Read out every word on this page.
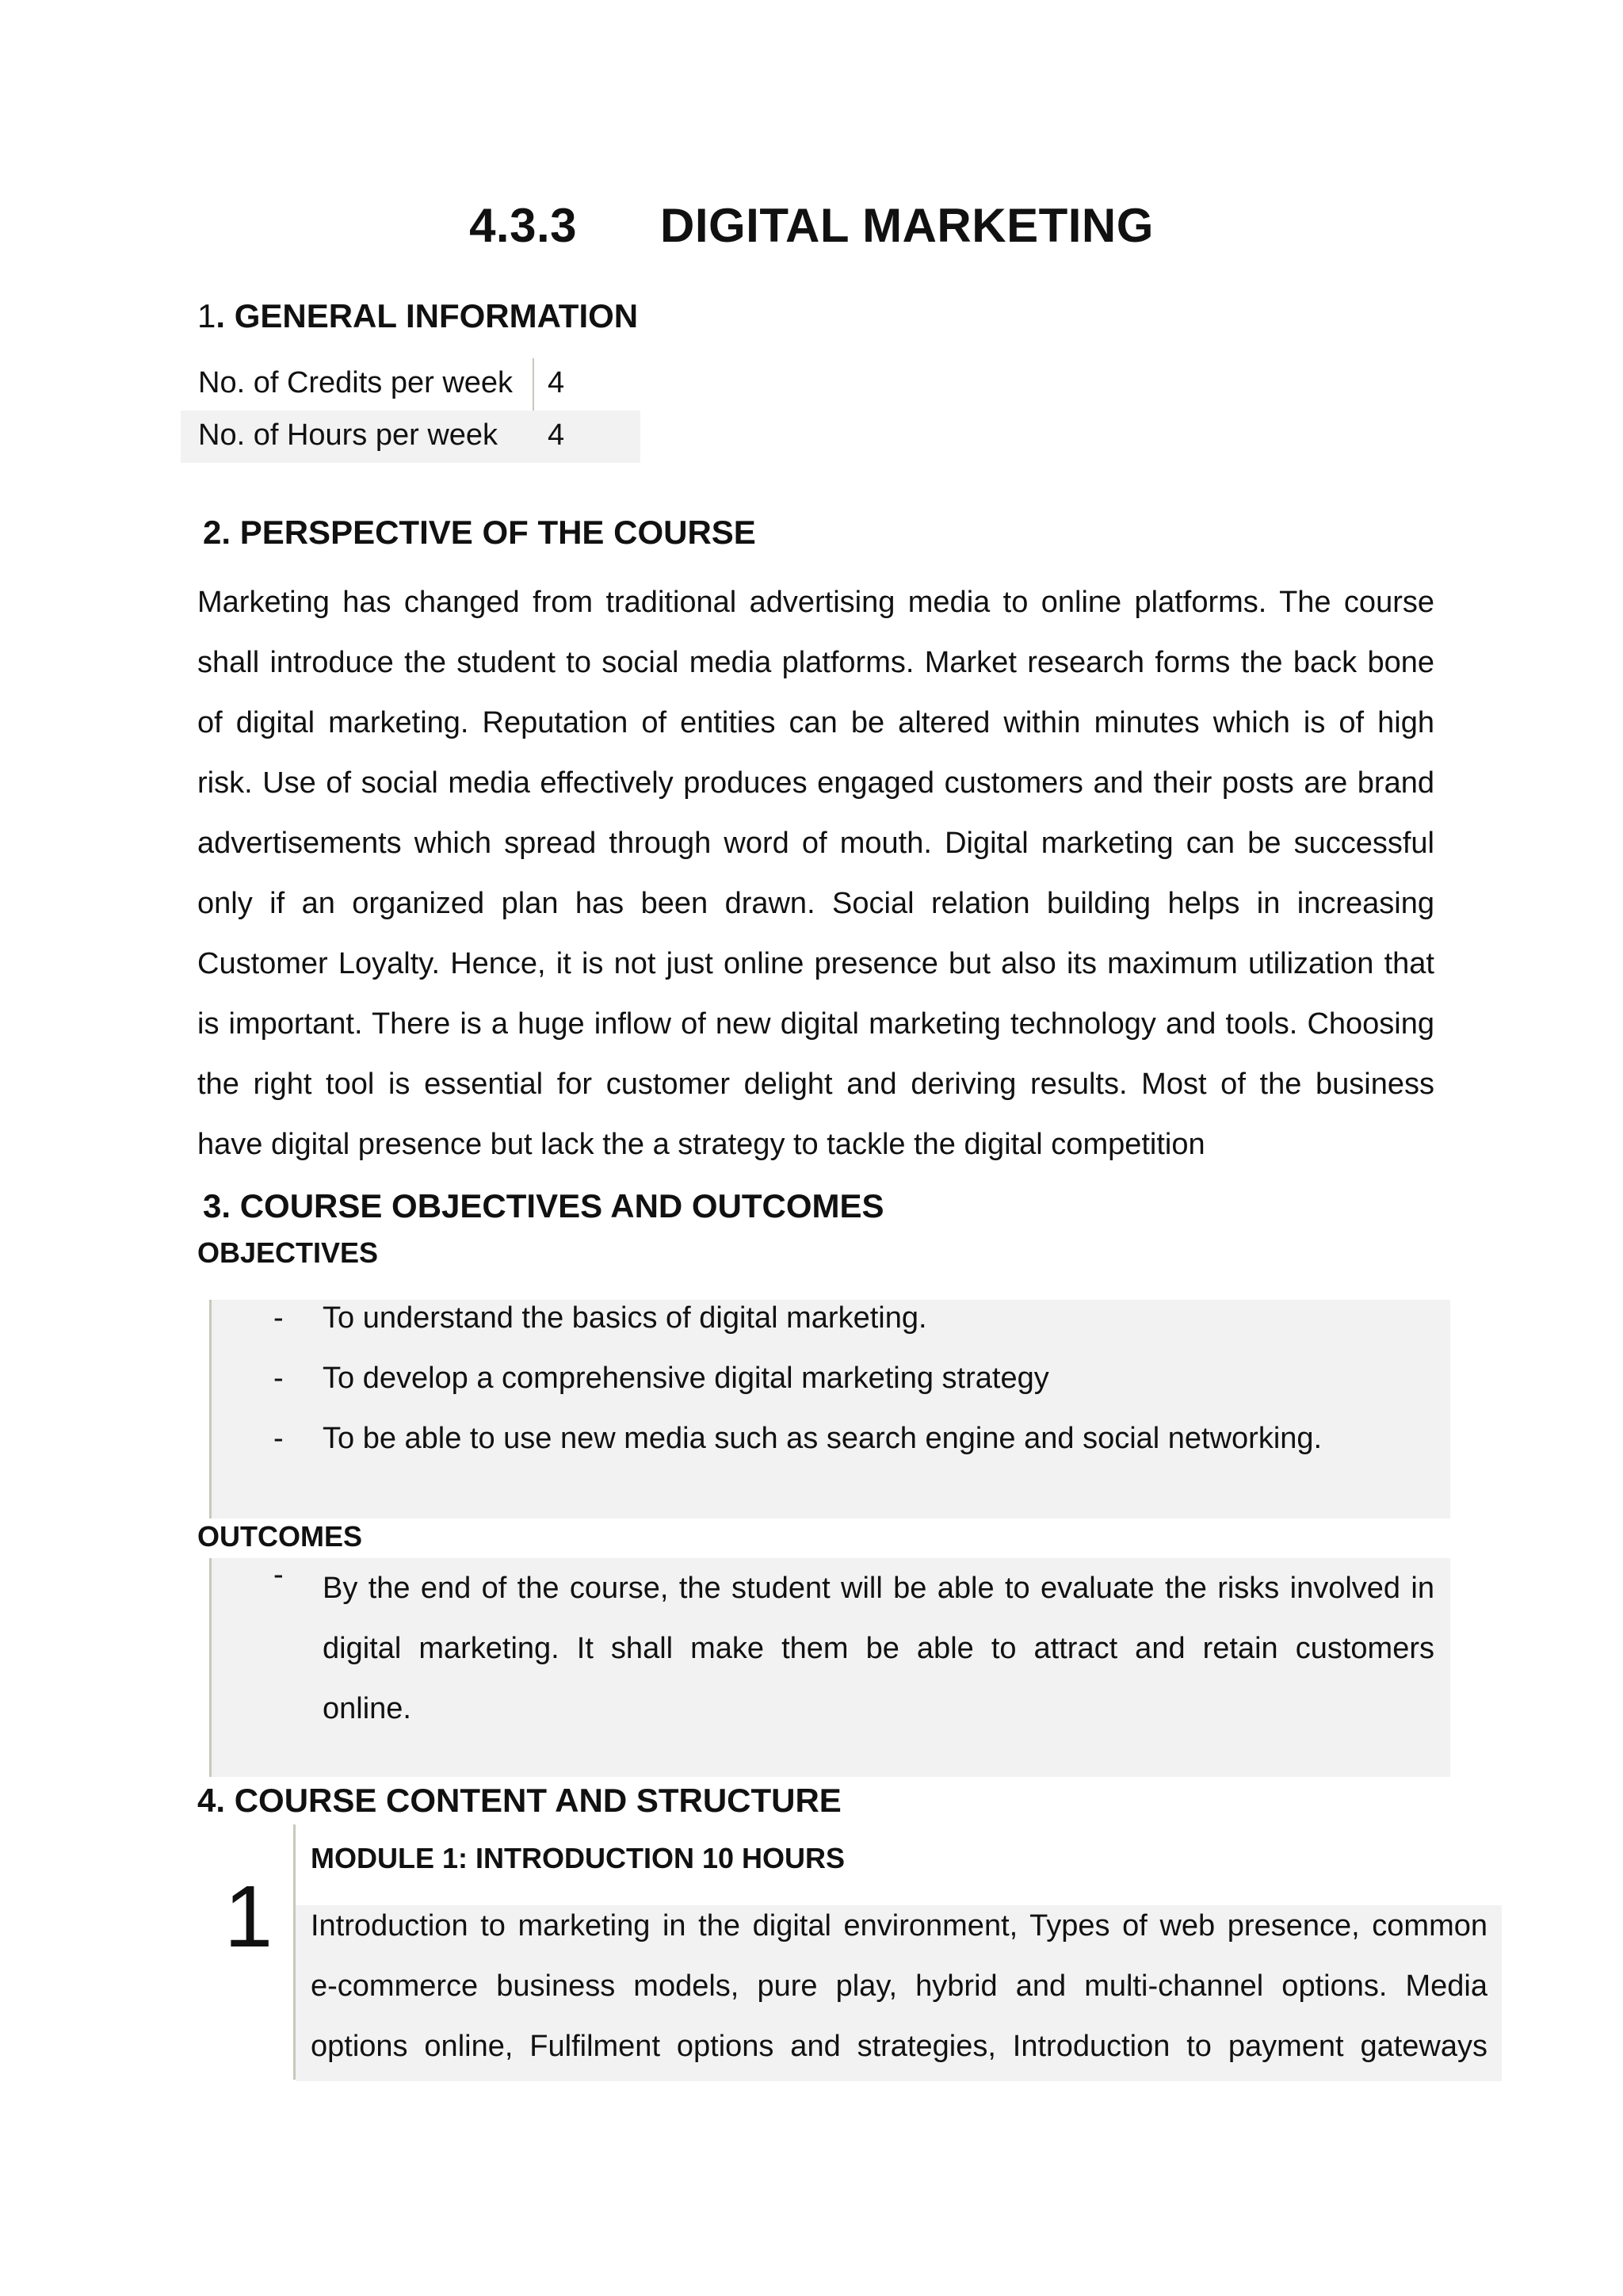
4.3.3 DIGITAL MARKETING
1. GENERAL INFORMATION
No. of Credits per week 4
No. of Hours per week 4
2. PERSPECTIVE OF THE COURSE
Marketing has changed from traditional advertising media to online platforms. The course
shall introduce the student to social media platforms. Market research forms the back bone
of digital marketing. Reputation of entities can be altered within minutes which is of high
risk. Use of social media effectively produces engaged customers and their posts are brand
advertisements which spread through word of mouth. Digital marketing can be successful
only if an organized plan has been drawn. Social relation building helps in increasing
Customer Loyalty. Hence, it is not just online presence but also its maximum utilization that
is important. There is a huge inflow of new digital marketing technology and tools. Choosing
the right tool is essential for customer delight and deriving results. Most of the business
have digital presence but lack the a strategy to tackle the digital competition
3. COURSE OBJECTIVES AND OUTCOMES
OBJECTIVES
- To understand the basics of digital marketing.
- To develop a comprehensive digital marketing strategy
- To be able to use new media such as search engine and social networking.
OUTCOMES
- By the end of the course, the student will be able to evaluate the risks involved in
digital marketing. It shall make them be able to attract and retain customers
online.
4. COURSE CONTENT AND STRUCTURE
1
MODULE 1: INTRODUCTION 10 HOURS
Introduction to marketing in the digital environment, Types of web presence, common
e-commerce business models, pure play, hybrid and multi-channel options. Media
options online, Fulfilment options and strategies, Introduction to payment gateways
